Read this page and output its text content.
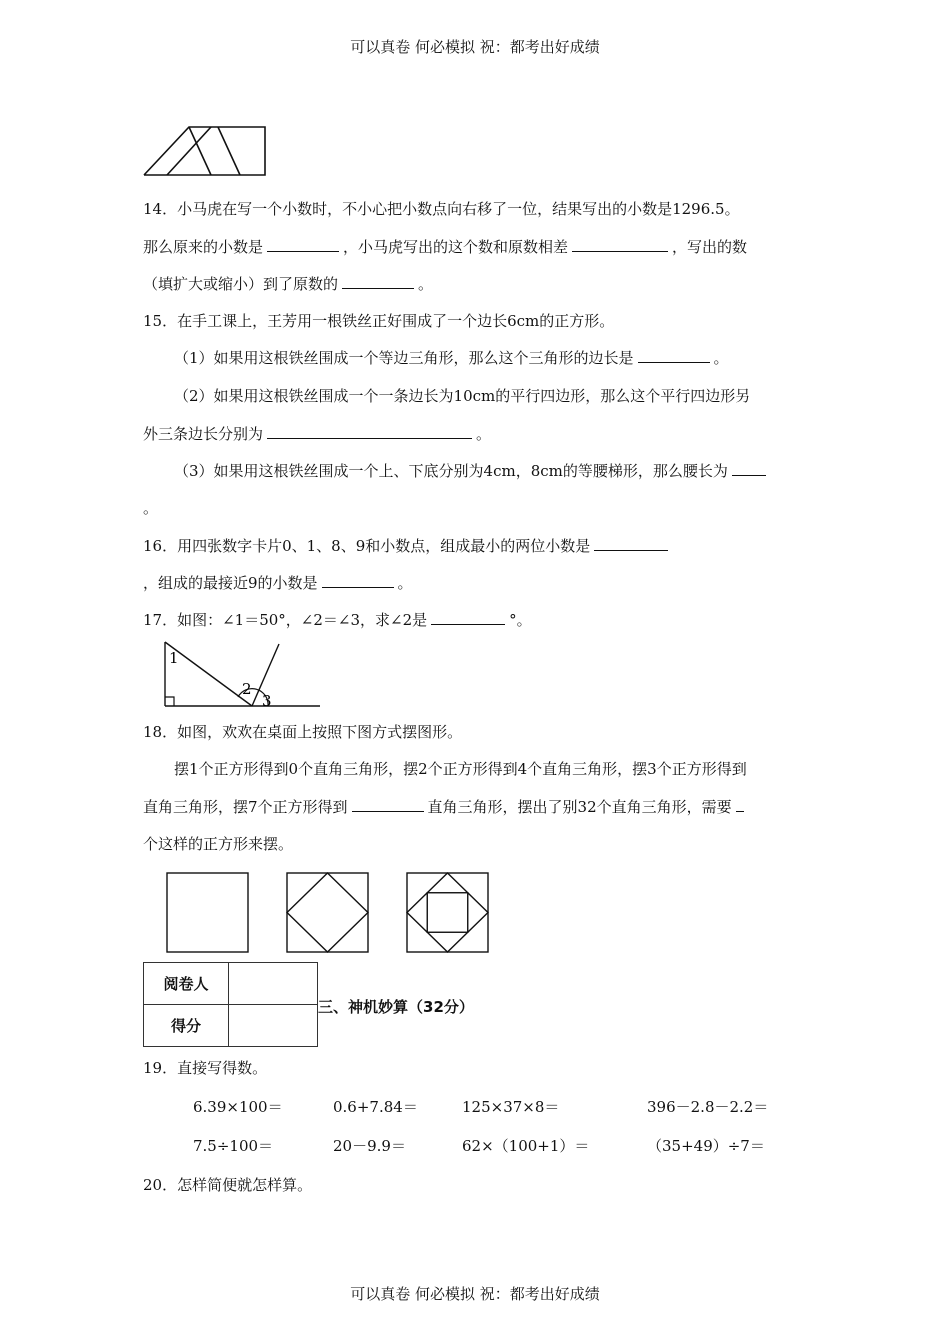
可以真卷 何必模拟 祝：都考出好成绩
14．小马虎在写一个小数时，不小心把小数点向右移了一位，结果写出的小数是1296.5。
那么原来的小数是	，小马虎写出的这个数和原数相差	，写出的数
（填扩大或缩小）到了原数的	。
15．在手工课上，王芳用一根铁丝正好围成了一个边长6cm的正方形。
（1）如果用这根铁丝围成一个等边三角形，那么这个三角形的边长是	。
（2）如果用这根铁丝围成一个一条边长为10cm的平行四边形，那么这个平行四边形另
外三条边长分别为	。
（3）如果用这根铁丝围成一个上、下底分别为4cm，8cm的等腰梯形，那么腰长为
。
16．用四张数字卡片0、1、8、9和小数点，组成最小的两位小数是
，组成的最接近9的小数是	。
17．如图：∠1＝50°，∠2＝∠3，求∠2是	°。
1
2
3
18．如图，欢欢在桌面上按照下图方式摆图形。
摆1个正方形得到0个直角三角形，摆2个正方形得到4个直角三角形，摆3个正方形得到
直角三角形，摆7个正方形得到	直角三角形，摆出了别32个直角三角形，需要
个这样的正方形来摆。
阅卷人	
得分	
三、神机妙算（32分）
19．直接写得数。
6.39×100＝	0.6+7.84＝	125×37×8＝	396－2.8－2.2＝
7.5÷100＝	20－9.9＝	62×（100+1）＝	（35+49）÷7＝
20．怎样简便就怎样算。
可以真卷 何必模拟 祝：都考出好成绩
